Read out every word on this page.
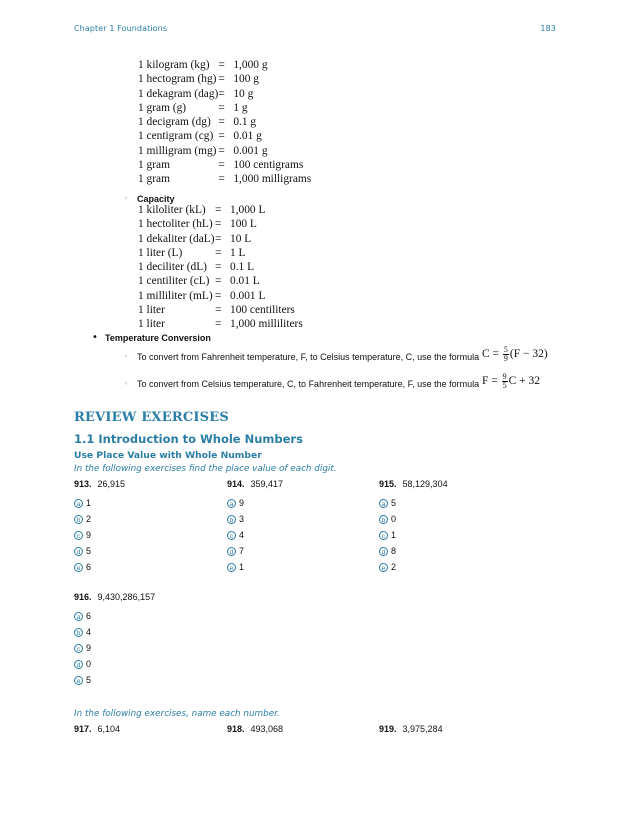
Chapter 1 Foundations	183
1 kilogram (kg)	=	1,000 g
1 hectogram (hg)	=	100 g
1 dekagram (dag)	=	10 g
1 gram (g)	=	1 g
1 decigram (dg)	=	0.1 g
1 centigram (cg)	=	0.01 g
1 milligram (mg)	=	0.001 g
1 gram	=	100 centigrams
1 gram	=	1,000 milligrams
◦ Capacity
1 kiloliter (kL)	=	1,000 L
1 hectoliter (hL)	=	100 L
1 dekaliter (daL)	=	10 L
1 liter (L)	=	1 L
1 deciliter (dL)	=	0.1 L
1 centiliter (cL)	=	0.01 L
1 milliliter (mL)	=	0.001 L
1 liter	=	100 centiliters
1 liter	=	1,000 milliliters
• Temperature Conversion
◦ To convert from Fahrenheit temperature, F, to Celsius temperature, C, use the formula $C = \frac{5}{9} (F - 32)$
◦ To convert from Celsius temperature, C, to Fahrenheit temperature, F, use the formula $F = \frac{9}{5}$ C + 32
REVIEW EXERCISES
1.1 Introduction to Whole Numbers
Use Place Value with Whole Number
In the following exercises find the place value of each digit.
913. 26,915
a 1
b 2
c 9
d 5
e 6
914. 359,417
a 9
b 3
c 4
d 7
e 1
915. 58,129,304
a 5
b 0
c 1
d 8
e 2
916. 9,430,286,157
a 6
b 4
c 9
d 0
e 5
In the following exercises, name each number.
917. 6,104	918. 493,068	919. 3,975,284
